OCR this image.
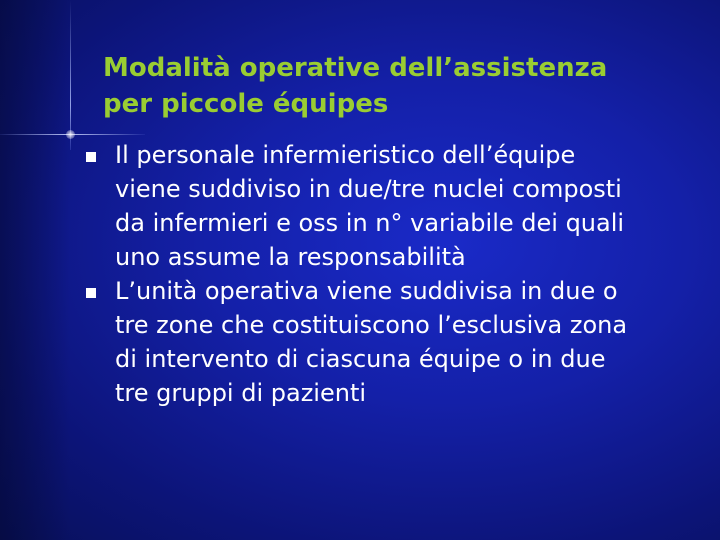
Modalità operative dell’assistenza
per piccole équipes
Il personale infermieristico dell’équipe
viene suddiviso in due/tre nuclei composti
da infermieri e oss in n° variabile dei quali
uno assume la responsabilità
L’unità operativa viene suddivisa in due o
tre zone che costituiscono l’esclusiva zona
di intervento di ciascuna équipe o in due
tre gruppi di pazienti
